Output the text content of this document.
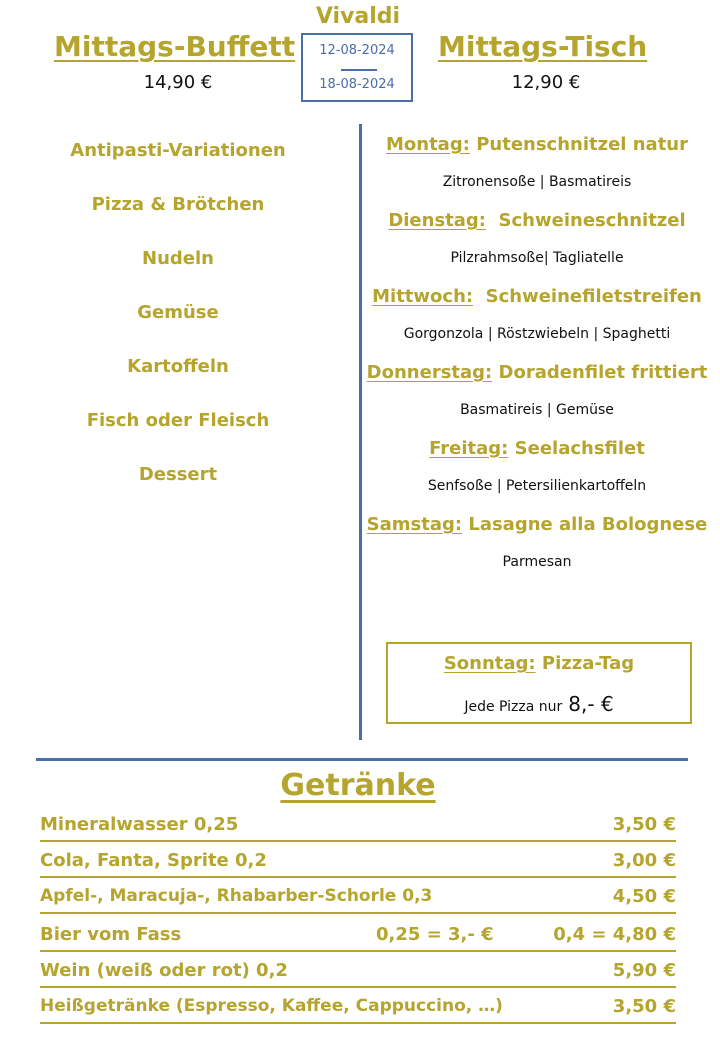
Vivaldi
12-08-2024
18-08-2024
Mittags-Buffett
14,90 €
Mittags-Tisch
12,90 €
Antipasti-Variationen
Pizza & Brötchen
Nudeln
Gemüse
Kartoffeln
Fisch oder Fleisch
Dessert
Montag: Putenschnitzel natur
Zitronensoße | Basmatireis
Dienstag: Schweineschnitzel
Pilzrahmsoße| Tagliatelle
Mittwoch: Schweinefiletstreifen
Gorgonzola | Röstzwiebeln | Spaghetti
Donnerstag: Doradenfilet frittiert
Basmatireis | Gemüse
Freitag: Seelachsfilet
Senfsoße | Petersilienkartoffeln
Samstag: Lasagne alla Bolognese
Parmesan
Sonntag: Pizza-Tag
Jede Pizza nur 8,- €
Getränke
Mineralwasser 0,25	3,50 €
Cola, Fanta, Sprite 0,2	3,00 €
Apfel-, Maracuja-, Rhabarber-Schorle 0,3	4,50 €
Bier vom Fass	0,25 = 3,- €	0,4 = 4,80 €
Wein (weiß oder rot) 0,2	5,90 €
Heißgetränke (Espresso, Kaffee, Cappuccino, …)	3,50 €
